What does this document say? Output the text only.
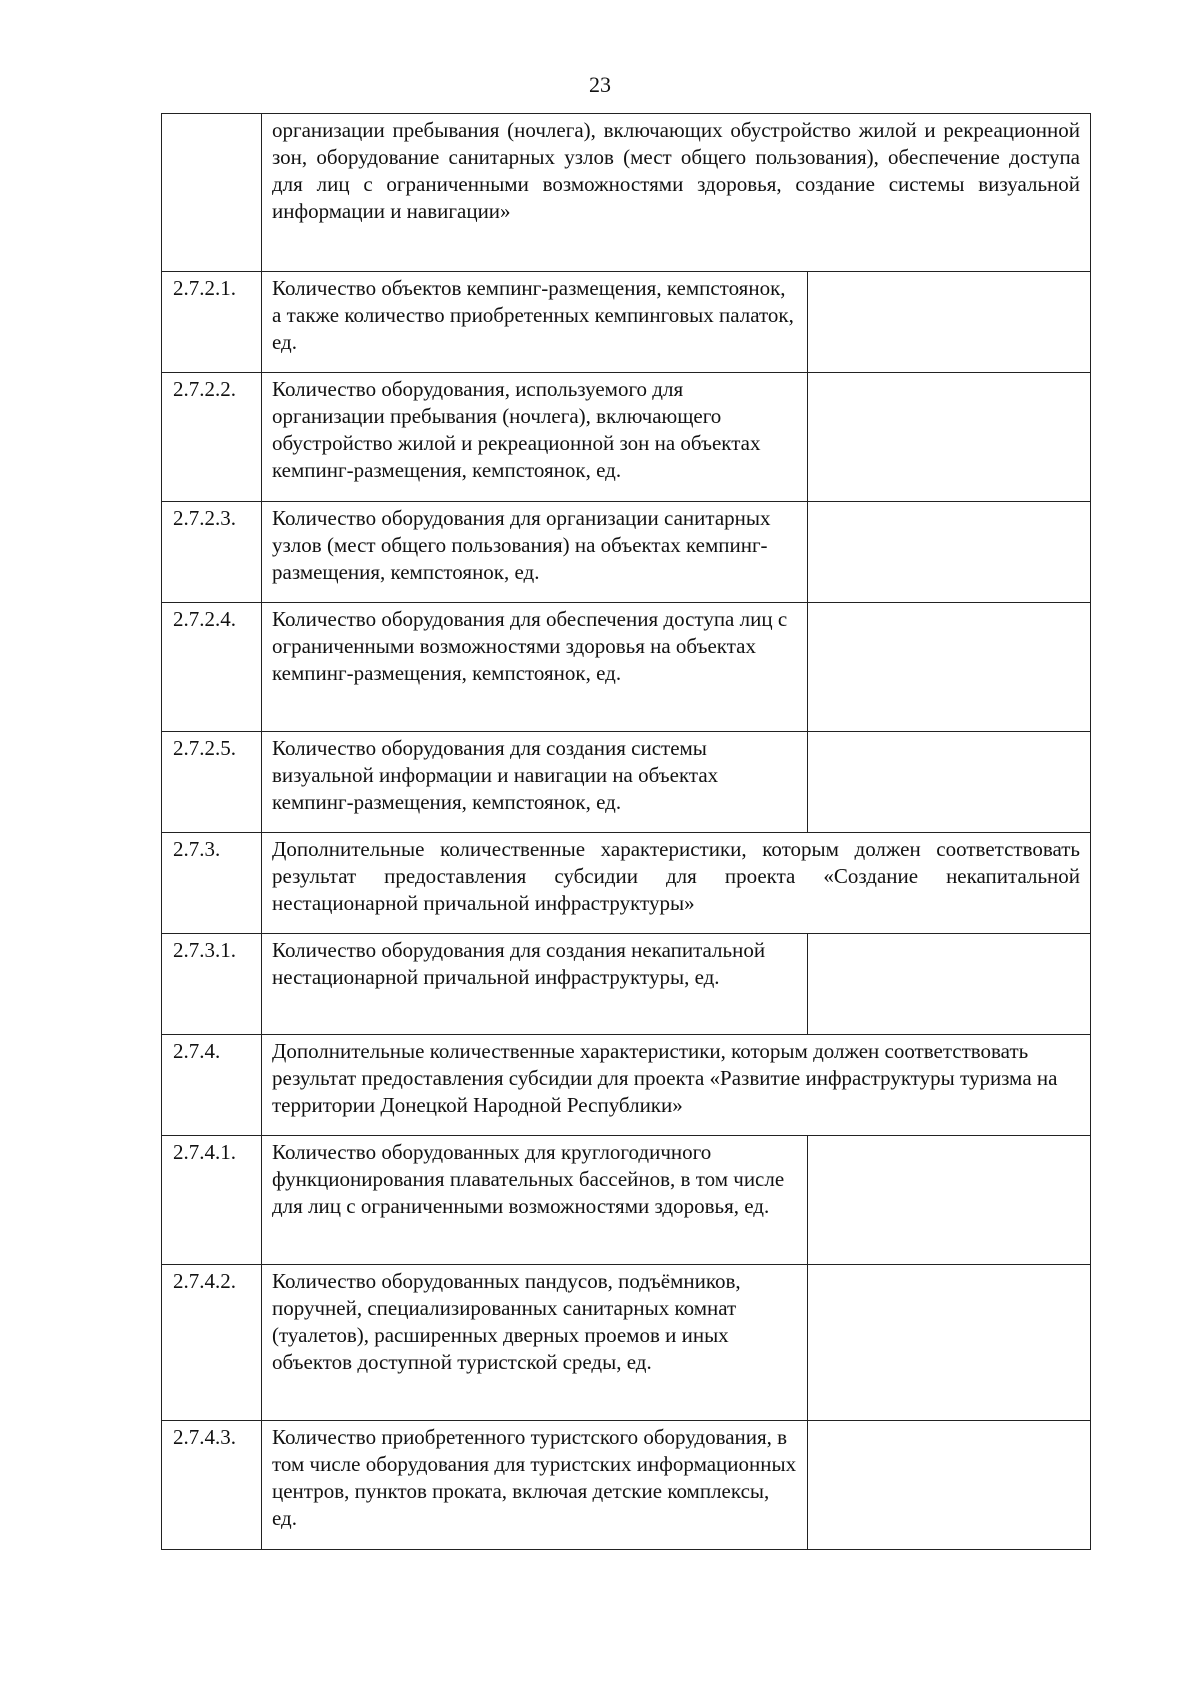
23
	организации пребывания (ночлега), включающих обустройство жилой и рекреационной зон, оборудование санитарных узлов (мест общего пользования), обеспечение доступа для лиц с ограниченными возможностями здоровья, создание системы визуальной информации и навигации»	
2.7.2.1.	Количество объектов кемпинг-размещения, кемпстоянок, а также количество приобретенных кемпинговых палаток, ед.	
2.7.2.2.	Количество оборудования, используемого для организации пребывания (ночлега), включающего обустройство жилой и рекреационной зон на объектах кемпинг-размещения, кемпстоянок, ед.	
2.7.2.3.	Количество оборудования для организации санитарных узлов (мест общего пользования) на объектах кемпинг-размещения, кемпстоянок, ед.	
2.7.2.4.	Количество оборудования для обеспечения доступа лиц с ограниченными возможностями здоровья на объектах кемпинг-размещения, кемпстоянок, ед.	
2.7.2.5.	Количество оборудования для создания системы визуальной информации и навигации на объектах кемпинг-размещения, кемпстоянок, ед.	
2.7.3.	Дополнительные количественные характеристики, которым должен соответствовать результат предоставления субсидии для проекта «Создание некапитальной нестационарной причальной инфраструктуры»	
2.7.3.1.	Количество оборудования для создания некапитальной нестационарной причальной инфраструктуры, ед.	
2.7.4.	Дополнительные количественные характеристики, которым должен соответствовать результат предоставления субсидии для проекта «Развитие инфраструктуры туризма на территории Донецкой Народной Республики»	
2.7.4.1.	Количество оборудованных для круглогодичного функционирования плавательных бассейнов, в том числе для лиц с ограниченными возможностями здоровья, ед.	
2.7.4.2.	Количество оборудованных пандусов, подъёмников, поручней, специализированных санитарных комнат (туалетов), расширенных дверных проемов и иных объектов доступной туристской среды, ед.	
2.7.4.3.	Количество приобретенного туристского оборудования, в том числе оборудования для туристских информационных центров, пунктов проката, включая детские комплексы, ед.	
